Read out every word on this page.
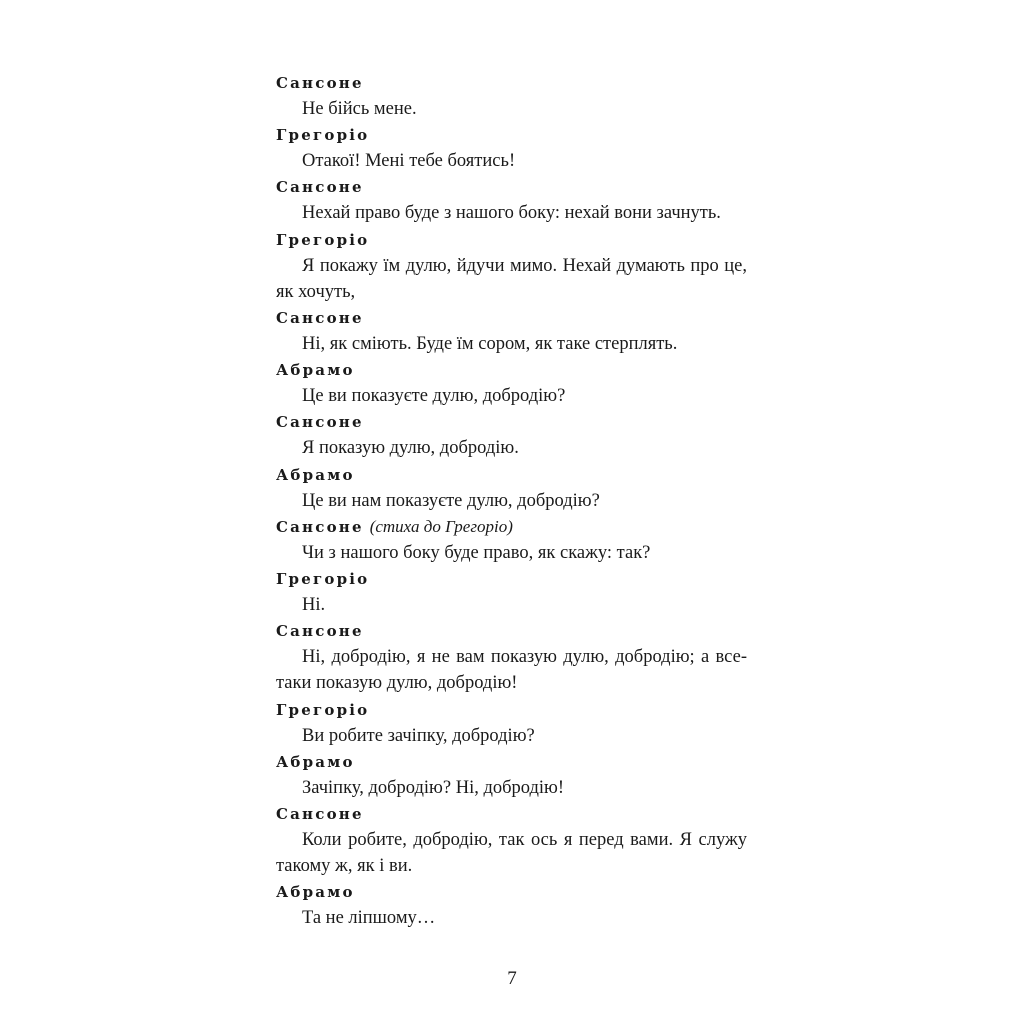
Сансоне

Не бійсь мене.

Грегоріо

Отакої! Мені тебе боятись!

Сансоне

Нехай право буде з нашого боку: нехай вони зачнуть.

Грегоріо

Я покажу їм дулю, йдучи мимо. Нехай думають про це, як хочуть,

Сансоне

Ні, як сміють. Буде їм сором, як таке стерплять.

Абрамо

Це ви показуєте дулю, добродію?

Сансоне

Я показую дулю, добродію.

Абрамо

Це ви нам показуєте дулю, добродію?

Сансоне (стиха до Грегоріо)

Чи з нашого боку буде право, як скажу: так?

Грегоріо

Ні.

Сансоне

Ні, добродію, я не вам показую дулю, добродію; а все-таки показую дулю, добродію!

Грегоріо

Ви робите зачіпку, добродію?

Абрамо

Зачіпку, добродію? Ні, добродію!

Сансоне

Коли робите, добродію, так ось я перед вами. Я служу такому ж, як і ви.

Абрамо

Та не ліпшому…

7
